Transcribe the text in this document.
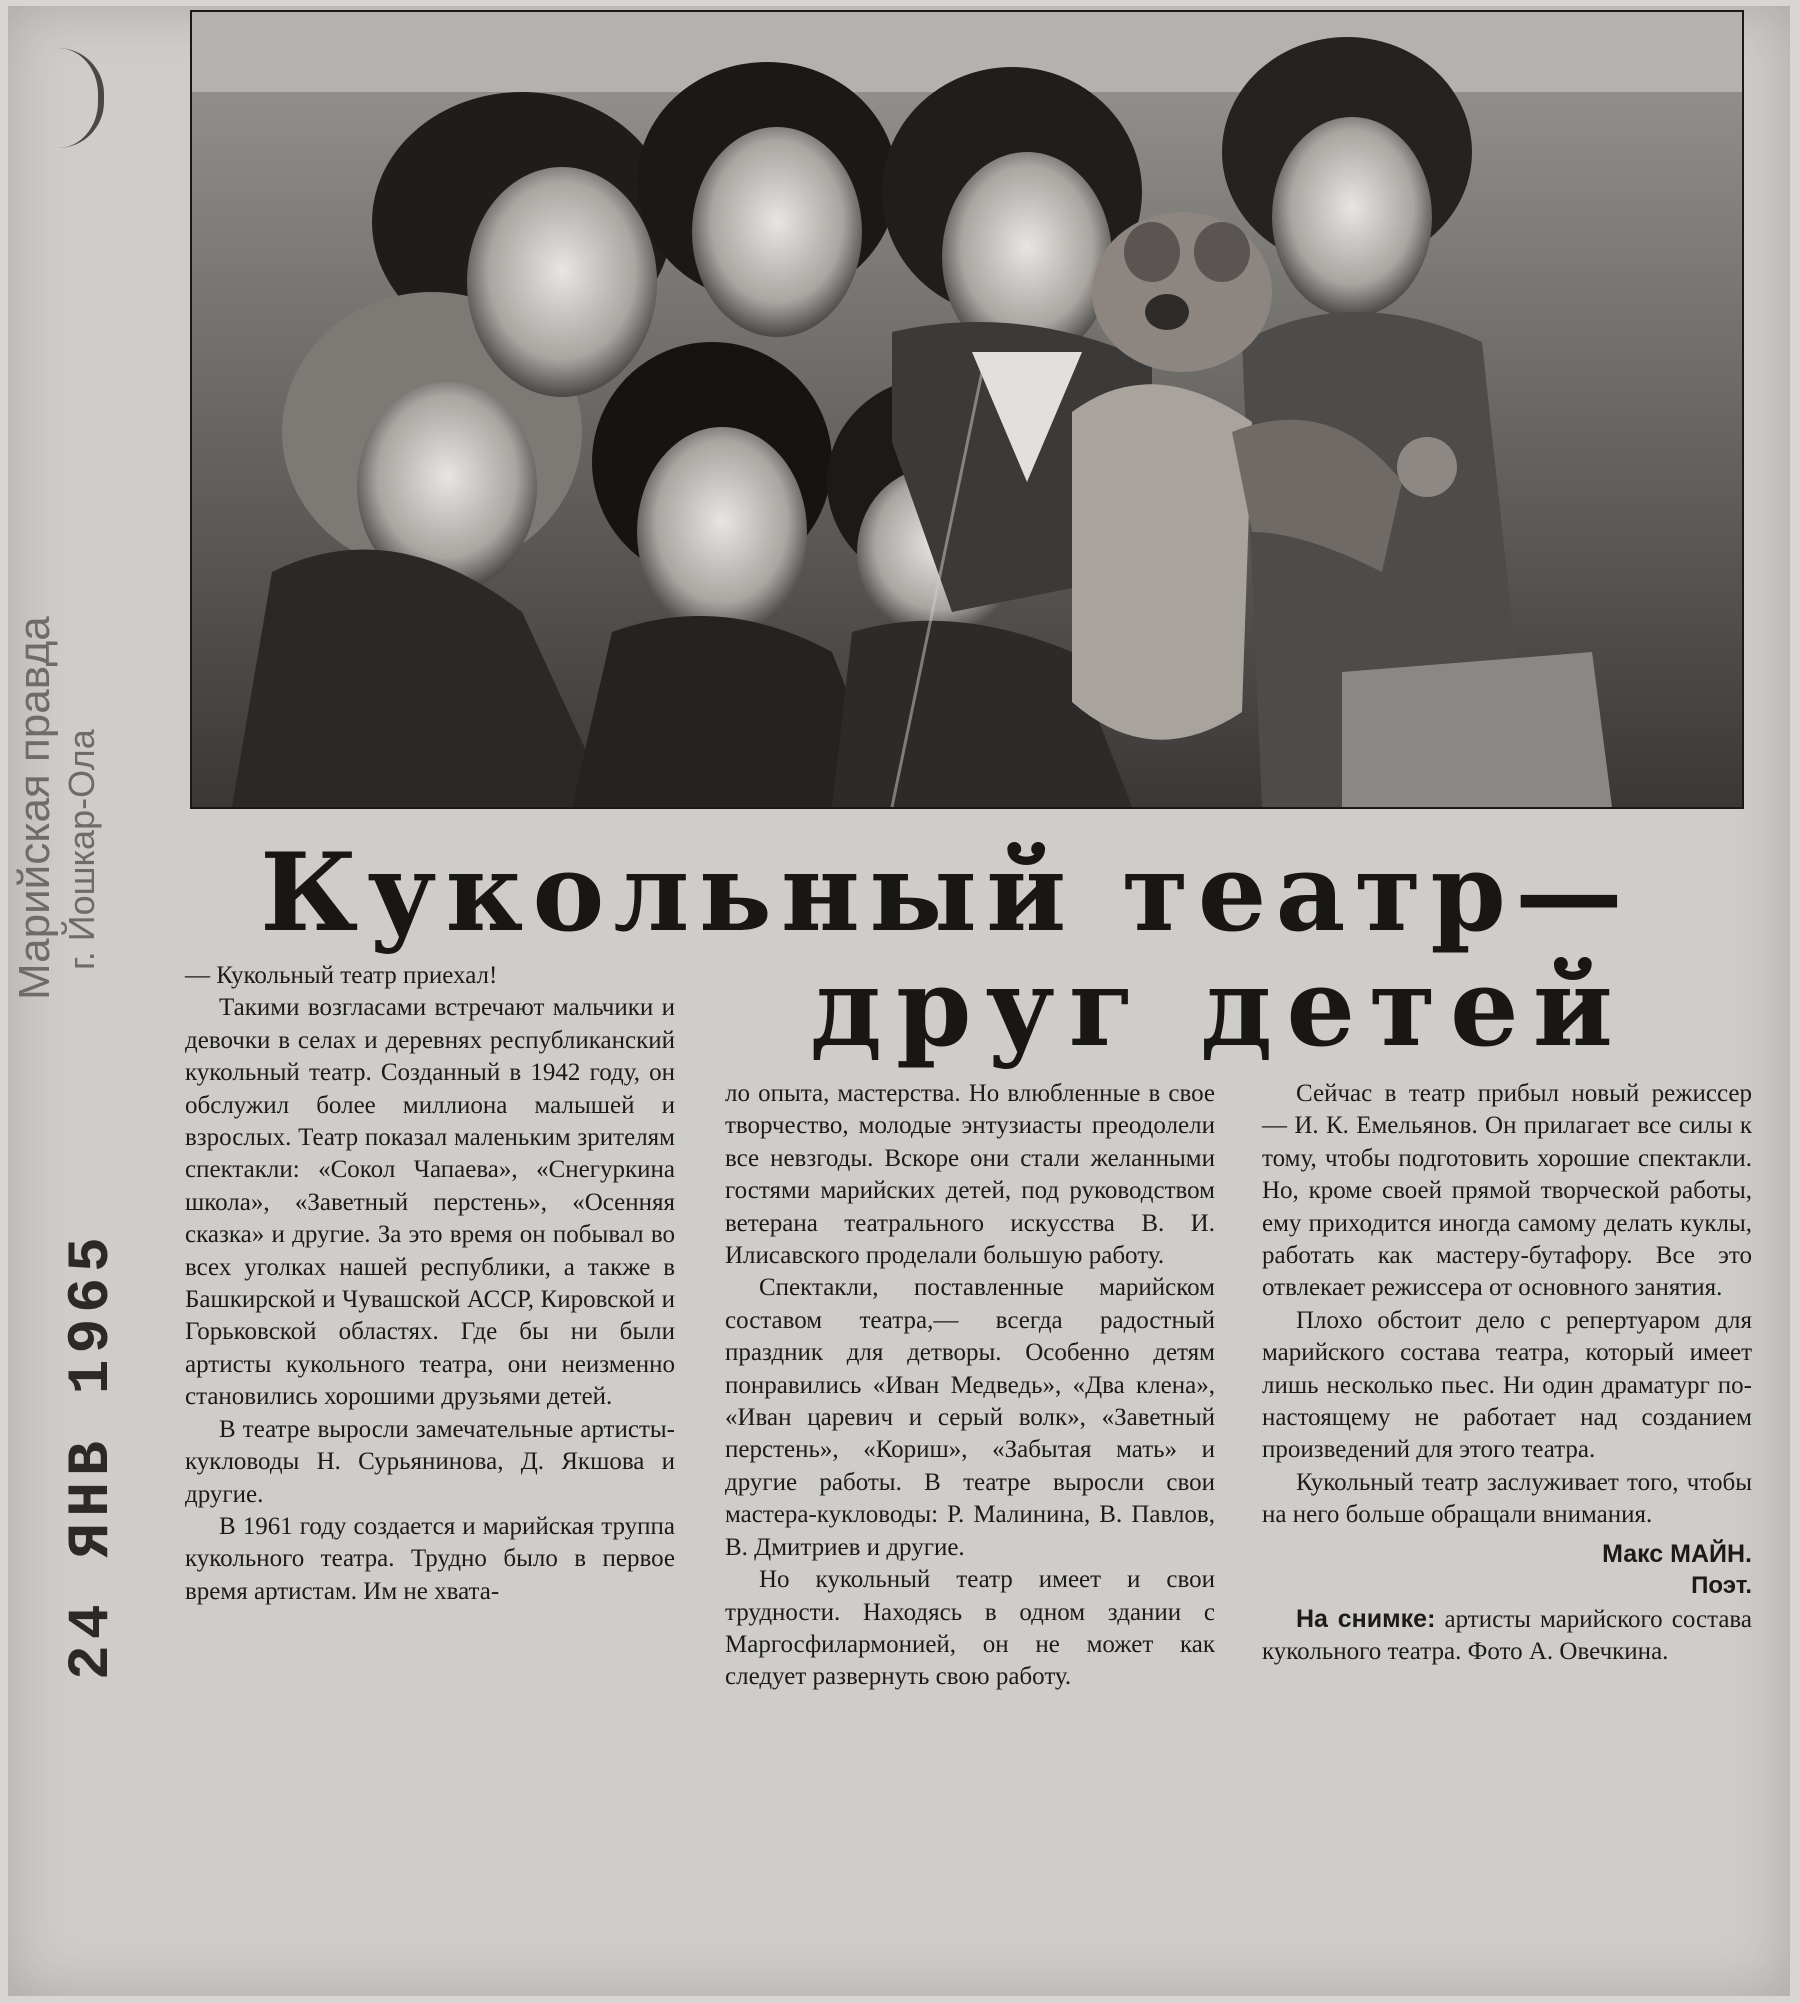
Марийская правда г. Йошкар-Ола
24 ЯНВ 1965
Кукольный театр—
друг детей

— Кукольный театр приехал!

Такими возгласами встречают мальчики и девочки в селах и деревнях республиканский кукольный театр. Созданный в 1942 году, он обслужил более миллиона малышей и взрослых. Театр показал маленьким зрителям спектакли: «Сокол Чапаева», «Снегуркина школа», «Заветный перстень», «Осенняя сказка» и другие. За это время он побывал во всех уголках нашей республики, а также в Башкирской и Чувашской АССР, Кировской и Горьковской областях. Где бы ни были артисты кукольного театра, они неизменно становились хорошими друзьями детей.

В театре выросли замечательные артисты-кукловоды Н. Сурьянинова, Д. Якшова и другие.

В 1961 году создается и марийская труппа кукольного театра. Трудно было в первое время артистам. Им не хвата-

ло опыта, мастерства. Но влюбленные в свое творчество, молодые энтузиасты преодолели все невзгоды. Вскоре они стали желанными гостями марийских детей, под руководством ветерана театрального искусства В. И. Илисавского проделали большую работу.

Спектакли, поставленные марийском составом театра,— всегда радостный праздник для детворы. Особенно детям понравились «Иван Медведь», «Два клена», «Иван царевич и серый волк», «Заветный перстень», «Кориш», «Забытая мать» и другие работы. В театре выросли свои мастера-кукловоды: Р. Малинина, В. Павлов, В. Дмитриев и другие.

Но кукольный театр имеет и свои трудности. Находясь в одном здании с Маргосфилармонией, он не может как следует развернуть свою работу.

Сейчас в театр прибыл новый режиссер — И. К. Емельянов. Он прилагает все силы к тому, чтобы подготовить хорошие спектакли. Но, кроме своей прямой творческой работы, ему приходится иногда самому делать куклы, работать как мастеру-бутафору. Все это отвлекает режиссера от основного занятия.

Плохо обстоит дело с репертуаром для марийского состава театра, который имеет лишь несколько пьес. Ни один драматург по-настоящему не работает над созданием произведений для этого театра.

Кукольный театр заслуживает того, чтобы на него больше обращали внимания.

Макс МАЙН.
Поэт.

На снимке: артисты марийского состава кукольного театра. Фото А. Овечкина.
